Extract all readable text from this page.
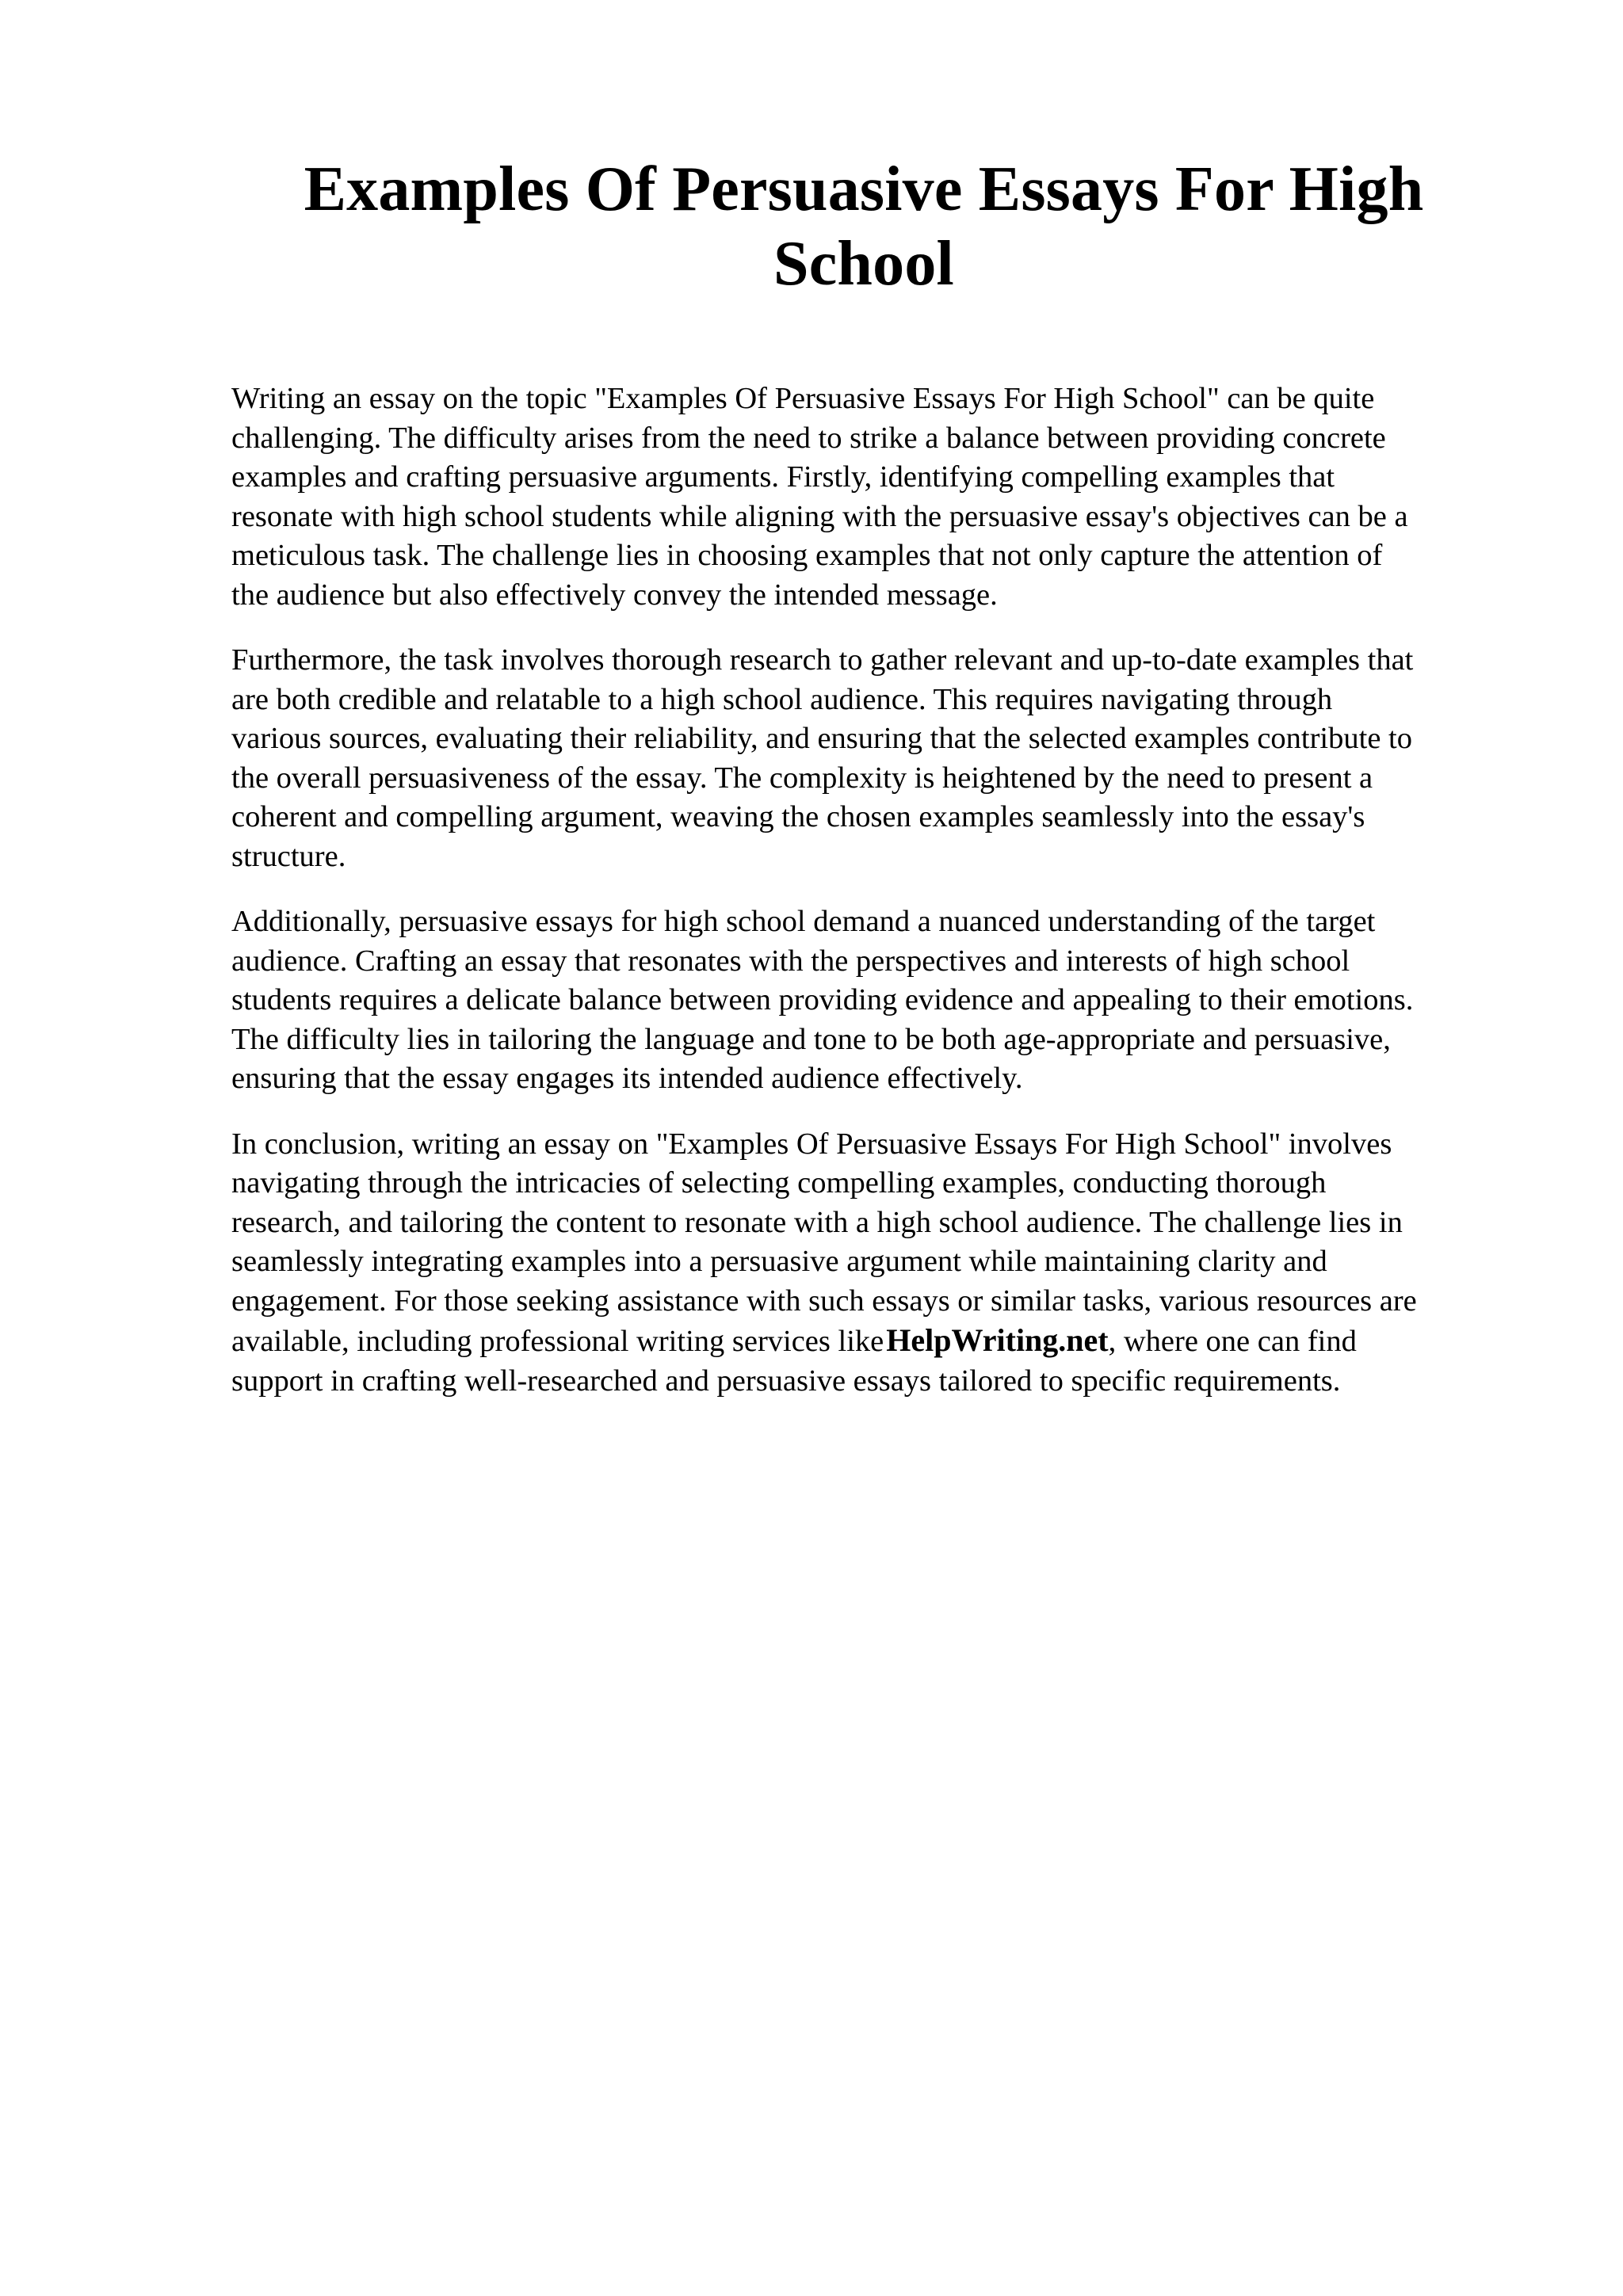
Examples Of Persuasive Essays For High
School

Writing an essay on the topic "Examples Of Persuasive Essays For High School" can be quite
challenging. The difficulty arises from the need to strike a balance between providing concrete
examples and crafting persuasive arguments. Firstly, identifying compelling examples that
resonate with high school students while aligning with the persuasive essay's objectives can be a
meticulous task. The challenge lies in choosing examples that not only capture the attention of
the audience but also effectively convey the intended message.

Furthermore, the task involves thorough research to gather relevant and up-to-date examples that
are both credible and relatable to a high school audience. This requires navigating through
various sources, evaluating their reliability, and ensuring that the selected examples contribute to
the overall persuasiveness of the essay. The complexity is heightened by the need to present a
coherent and compelling argument, weaving the chosen examples seamlessly into the essay's
structure.

Additionally, persuasive essays for high school demand a nuanced understanding of the target
audience. Crafting an essay that resonates with the perspectives and interests of high school
students requires a delicate balance between providing evidence and appealing to their emotions.
The difficulty lies in tailoring the language and tone to be both age-appropriate and persuasive,
ensuring that the essay engages its intended audience effectively.

In conclusion, writing an essay on "Examples Of Persuasive Essays For High School" involves
navigating through the intricacies of selecting compelling examples, conducting thorough
research, and tailoring the content to resonate with a high school audience. The challenge lies in
seamlessly integrating examples into a persuasive argument while maintaining clarity and
engagement. For those seeking assistance with such essays or similar tasks, various resources are
available, including professional writing services likeHelpWriting.net, where one can find
support in crafting well-researched and persuasive essays tailored to specific requirements.
